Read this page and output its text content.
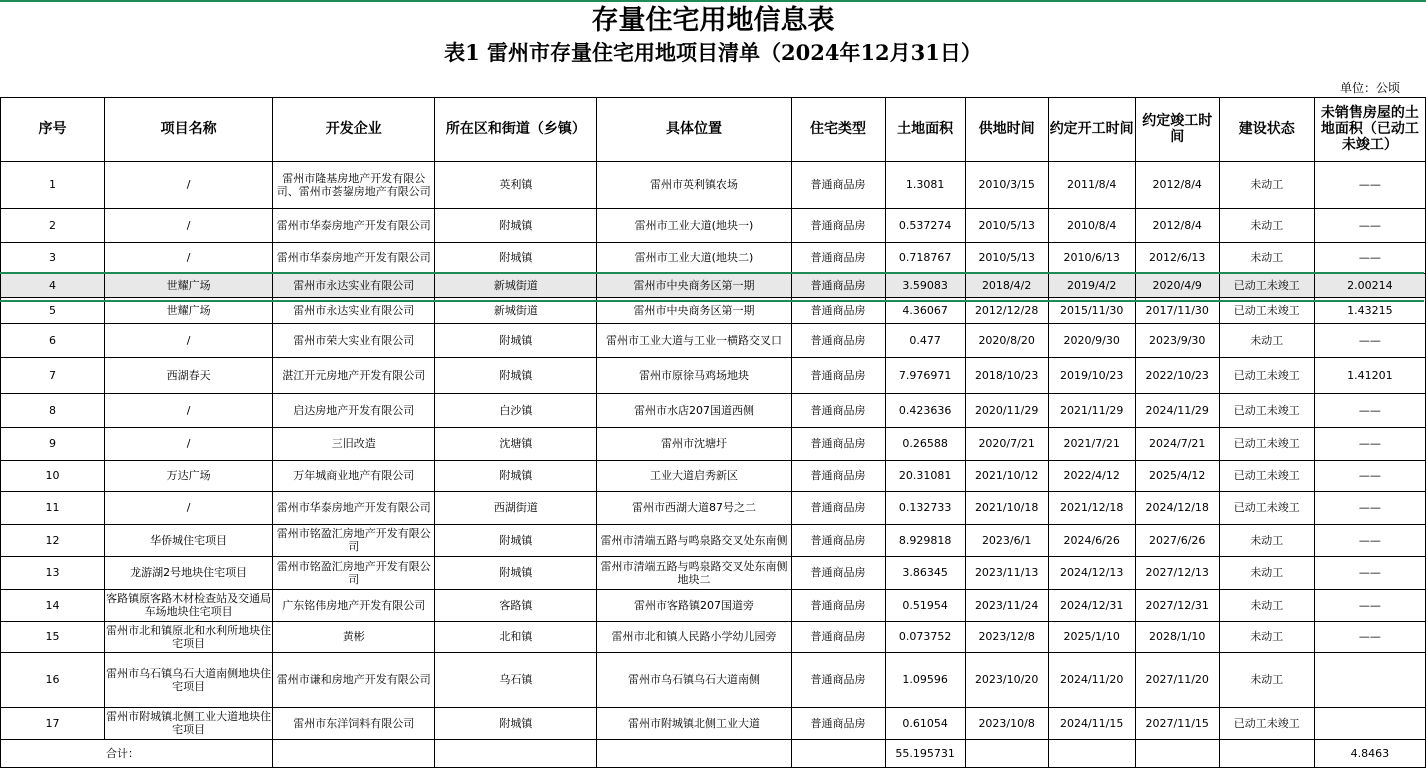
存量住宅用地信息表
表1 雷州市存量住宅用地项目清单（2024年12月31日）
单位：公顷

序号	项目名称	开发企业	所在区和街道（乡镇）	具体位置	住宅类型	土地面积	供地时间	约定开工时间	约定竣工时间	建设状态	未销售房屋的土地面积（已动工未竣工）
1	/	雷州市隆基房地产开发有限公司、雷州市荟鋆房地产有限公司	英利镇	雷州市英利镇农场	普通商品房	1.3081	2010/3/15	2011/8/4	2012/8/4	未动工	——
2	/	雷州市华泰房地产开发有限公司	附城镇	雷州市工业大道(地块一)	普通商品房	0.537274	2010/5/13	2010/8/4	2012/8/4	未动工	——
3	/	雷州市华泰房地产开发有限公司	附城镇	雷州市工业大道(地块二)	普通商品房	0.718767	2010/5/13	2010/6/13	2012/6/13	未动工	——
4	世耀广场	雷州市永达实业有限公司	新城街道	雷州市中央商务区第一期	普通商品房	3.59083	2018/4/2	2019/4/2	2020/4/9	已动工未竣工	2.00214
5	世耀广场	雷州市永达实业有限公司	新城街道	雷州市中央商务区第一期	普通商品房	4.36067	2012/12/28	2015/11/30	2017/11/30	已动工未竣工	1.43215
6	/	雷州市荣大实业有限公司	附城镇	雷州市工业大道与工业一横路交叉口	普通商品房	0.477	2020/8/20	2020/9/30	2023/9/30	未动工	——
7	西湖春天	湛江开元房地产开发有限公司	附城镇	雷州市原徐马鸡场地块	普通商品房	7.976971	2018/10/23	2019/10/23	2022/10/23	已动工未竣工	1.41201
8	/	启达房地产开发有限公司	白沙镇	雷州市水店207国道西侧	普通商品房	0.423636	2020/11/29	2021/11/29	2024/11/29	已动工未竣工	——
9	/	三旧改造	沈塘镇	雷州市沈塘圩	普通商品房	0.26588	2020/7/21	2021/7/21	2024/7/21	已动工未竣工	——
10	万达广场	万年城商业地产有限公司	附城镇	工业大道启秀新区	普通商品房	20.31081	2021/10/12	2022/4/12	2025/4/12	已动工未竣工	——
11	/	雷州市华泰房地产开发有限公司	西湖街道	雷州市西湖大道87号之二	普通商品房	0.132733	2021/10/18	2021/12/18	2024/12/18	已动工未竣工	——
12	华侨城住宅项目	雷州市铭盈汇房地产开发有限公司	附城镇	雷州市清端五路与鸣泉路交叉处东南侧	普通商品房	8.929818	2023/6/1	2024/6/26	2027/6/26	未动工	——
13	龙游湖2号地块住宅项目	雷州市铭盈汇房地产开发有限公司	附城镇	雷州市清端五路与鸣泉路交叉处东南侧地块二	普通商品房	3.86345	2023/11/13	2024/12/13	2027/12/13	未动工	——
14	客路镇原客路木材检查站及交通局车场地块住宅项目	广东铭伟房地产开发有限公司	客路镇	雷州市客路镇207国道旁	普通商品房	0.51954	2023/11/24	2024/12/31	2027/12/31	未动工	——
15	雷州市北和镇原北和水利所地块住宅项目	黄彬	北和镇	雷州市北和镇人民路小学幼儿园旁	普通商品房	0.073752	2023/12/8	2025/1/10	2028/1/10	未动工	——
16	雷州市乌石镇乌石大道南侧地块住宅项目	雷州市谦和房地产开发有限公司	乌石镇	雷州市乌石镇乌石大道南侧	普通商品房	1.09596	2023/10/20	2024/11/20	2027/11/20	未动工	
17	雷州市附城镇北侧工业大道地块住宅项目	雷州市东洋饲料有限公司	附城镇	雷州市附城镇北侧工业大道	普通商品房	0.61054	2023/10/8	2024/11/15	2027/11/15	已动工未竣工	
合计：						55.195731					4.8463
